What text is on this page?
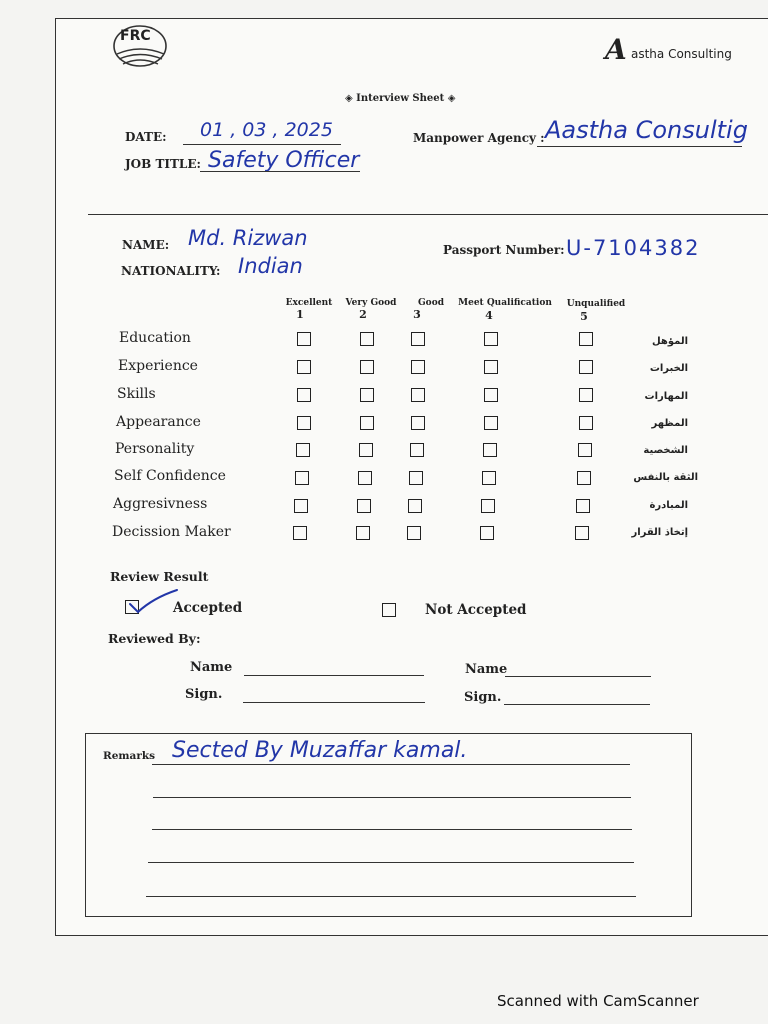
FRC	A astha Consulting
◈ Interview Sheet ◈
DATE: 01 , 03 , 2025
JOB TITLE: Safety Officer
Manpower Agency : Aastha Consultig
NAME: Md. Rizwan
NATIONALITY: Indian
Passport Number: U-7104382
Excellent
1
Very Good
2
Good
3
Meet Qualification
4
Unqualified
5
Education
Experience
Skills
Appearance
Personality
Self Confidence
Aggresivness
Decission Maker
المؤهل
الخبرات
المهارات
المظهر
الشخصية
الثقة بالنفس
المبادرة
إتخاذ القرار
Review Result
Accepted	Not Accepted
Reviewed By:
Name
Sign.
Name
Sign.
Remarks Sected By Muzaffar kamal.
Scanned with CamScanner
